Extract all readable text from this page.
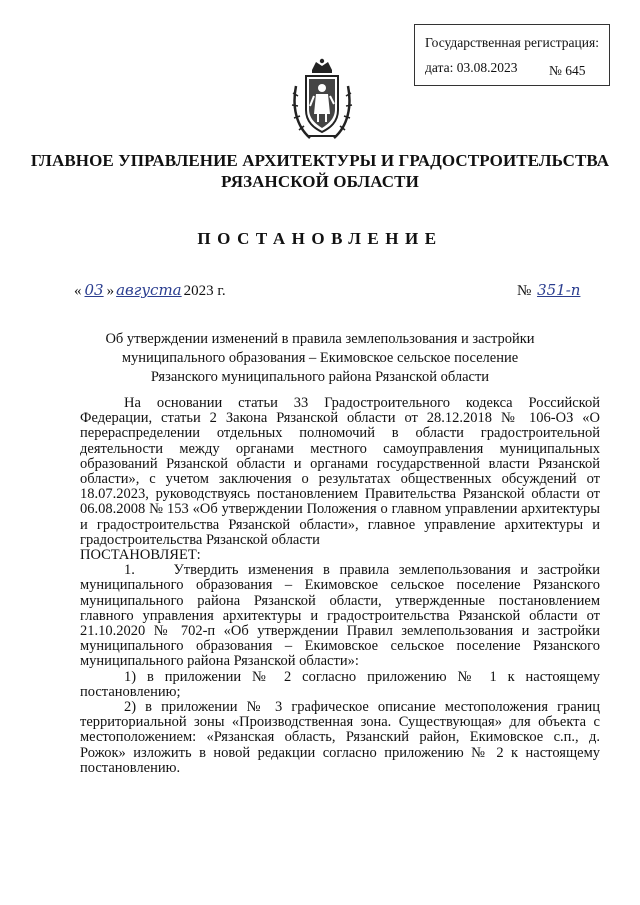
Государственная регистрация:
дата: 03.08.2023	№ 645
ГЛАВНОЕ УПРАВЛЕНИЕ АРХИТЕКТУРЫ И ГРАДОСТРОИТЕЛЬСТВА
РЯЗАНСКОЙ ОБЛАСТИ
ПОСТАНОВЛЕНИЕ
« 03 » августа 2023 г.	№ 351-п
Об утверждении изменений в правила землепользования и застройки
муниципального образования – Екимовское сельское поселение
Рязанского муниципального района Рязанской области

На основании статьи 33 Градостроительного кодекса Российской Федерации, статьи 2 Закона Рязанской области от 28.12.2018 № 106-ОЗ «О перераспределении отдельных полномочий в области градостроительной деятельности между органами местного самоуправления муниципальных образований Рязанской области и органами государственной власти Рязанской области», с учетом заключения о результатах общественных обсуждений от 18.07.2023, руководствуясь постановлением Правительства Рязанской области от 06.08.2008 № 153 «Об утверждении Положения о главном управлении архитектуры и градостроительства Рязанской области», главное управление архитектуры и градостроительства Рязанской области

ПОСТАНОВЛЯЕТ:

1.    Утвердить изменения в правила землепользования и застройки муниципального образования – Екимовское сельское поселение Рязанского муниципального района Рязанской области, утвержденные постановлением главного управления архитектуры и градостроительства Рязанской области от 21.10.2020 № 702-п «Об утверждении Правил землепользования и застройки муниципального образования – Екимовское сельское поселение Рязанского муниципального района Рязанской области»:

1) в приложении № 2 согласно приложению № 1 к настоящему постановлению;

2) в приложении № 3 графическое описание местоположения границ территориальной зоны «Производственная зона. Существующая» для объекта с местоположением: «Рязанская область, Рязанский район, Екимовское с.п., д. Рожок» изложить в новой редакции согласно приложению № 2 к настоящему постановлению.
